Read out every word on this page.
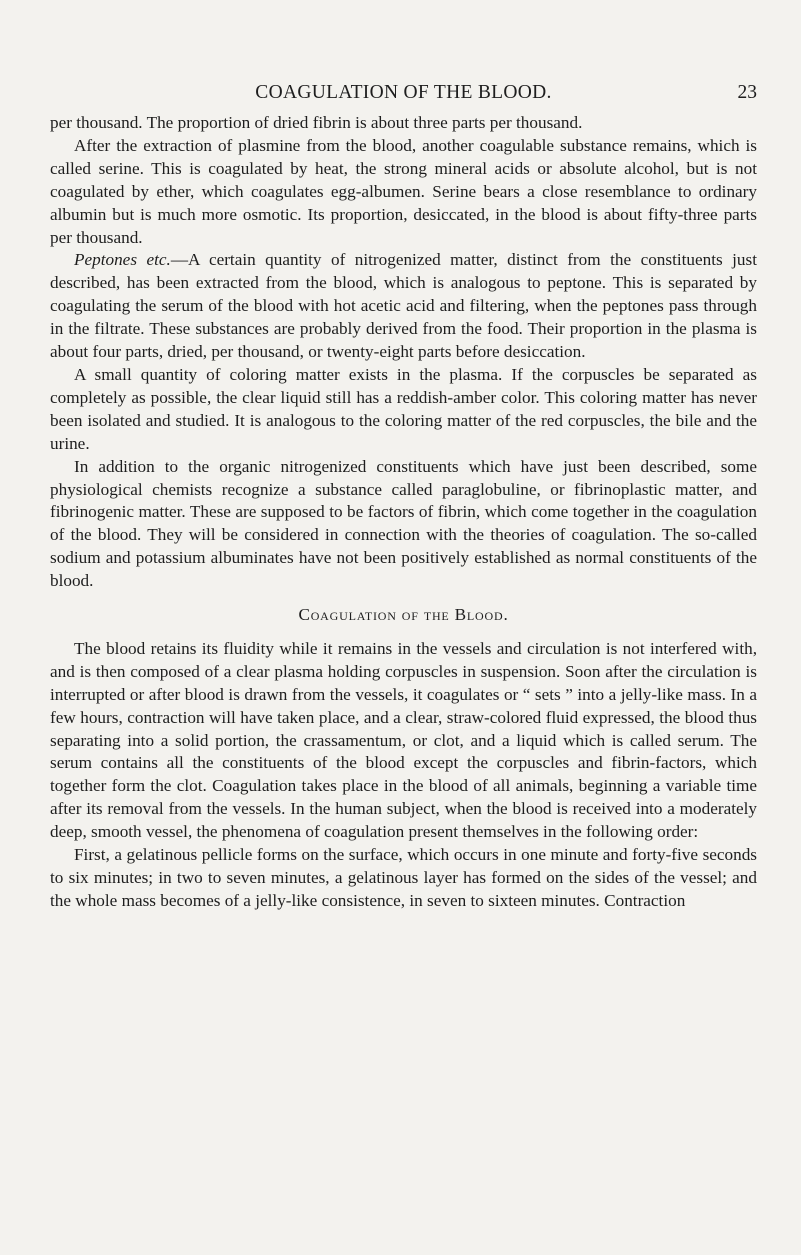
COAGULATION OF THE BLOOD.	23

per thousand. The proportion of dried fibrin is about three parts per thousand.

After the extraction of plasmine from the blood, another coagulable substance remains, which is called serine. This is coagulated by heat, the strong mineral acids or absolute alcohol, but is not coagulated by ether, which coagulates egg-albumen. Serine bears a close resemblance to ordinary albumin but is much more osmotic. Its proportion, desiccated, in the blood is about fifty-three parts per thousand.

Peptones etc.—A certain quantity of nitrogenized matter, distinct from the constituents just described, has been extracted from the blood, which is analogous to peptone. This is separated by coagulating the serum of the blood with hot acetic acid and filtering, when the peptones pass through in the filtrate. These substances are probably derived from the food. Their proportion in the plasma is about four parts, dried, per thousand, or twenty-eight parts before desiccation.

A small quantity of coloring matter exists in the plasma. If the corpuscles be separated as completely as possible, the clear liquid still has a reddish-amber color. This coloring matter has never been isolated and studied. It is analogous to the coloring matter of the red corpuscles, the bile and the urine.

In addition to the organic nitrogenized constituents which have just been described, some physiological chemists recognize a substance called paraglobuline, or fibrinoplastic matter, and fibrinogenic matter. These are supposed to be factors of fibrin, which come together in the coagulation of the blood. They will be considered in connection with the theories of coagulation. The so-called sodium and potassium albuminates have not been positively established as normal constituents of the blood.

Coagulation of the Blood.

The blood retains its fluidity while it remains in the vessels and circulation is not interfered with, and is then composed of a clear plasma holding corpuscles in suspension. Soon after the circulation is interrupted or after blood is drawn from the vessels, it coagulates or “ sets ” into a jelly-like mass. In a few hours, contraction will have taken place, and a clear, straw-colored fluid expressed, the blood thus separating into a solid portion, the crassamentum, or clot, and a liquid which is called serum. The serum contains all the constituents of the blood except the corpuscles and fibrin-factors, which together form the clot. Coagulation takes place in the blood of all animals, beginning a variable time after its removal from the vessels. In the human subject, when the blood is received into a moderately deep, smooth vessel, the phenomena of coagulation present themselves in the following order:

First, a gelatinous pellicle forms on the surface, which occurs in one minute and forty-five seconds to six minutes; in two to seven minutes, a gelatinous layer has formed on the sides of the vessel; and the whole mass becomes of a jelly-like consistence, in seven to sixteen minutes. Contraction
